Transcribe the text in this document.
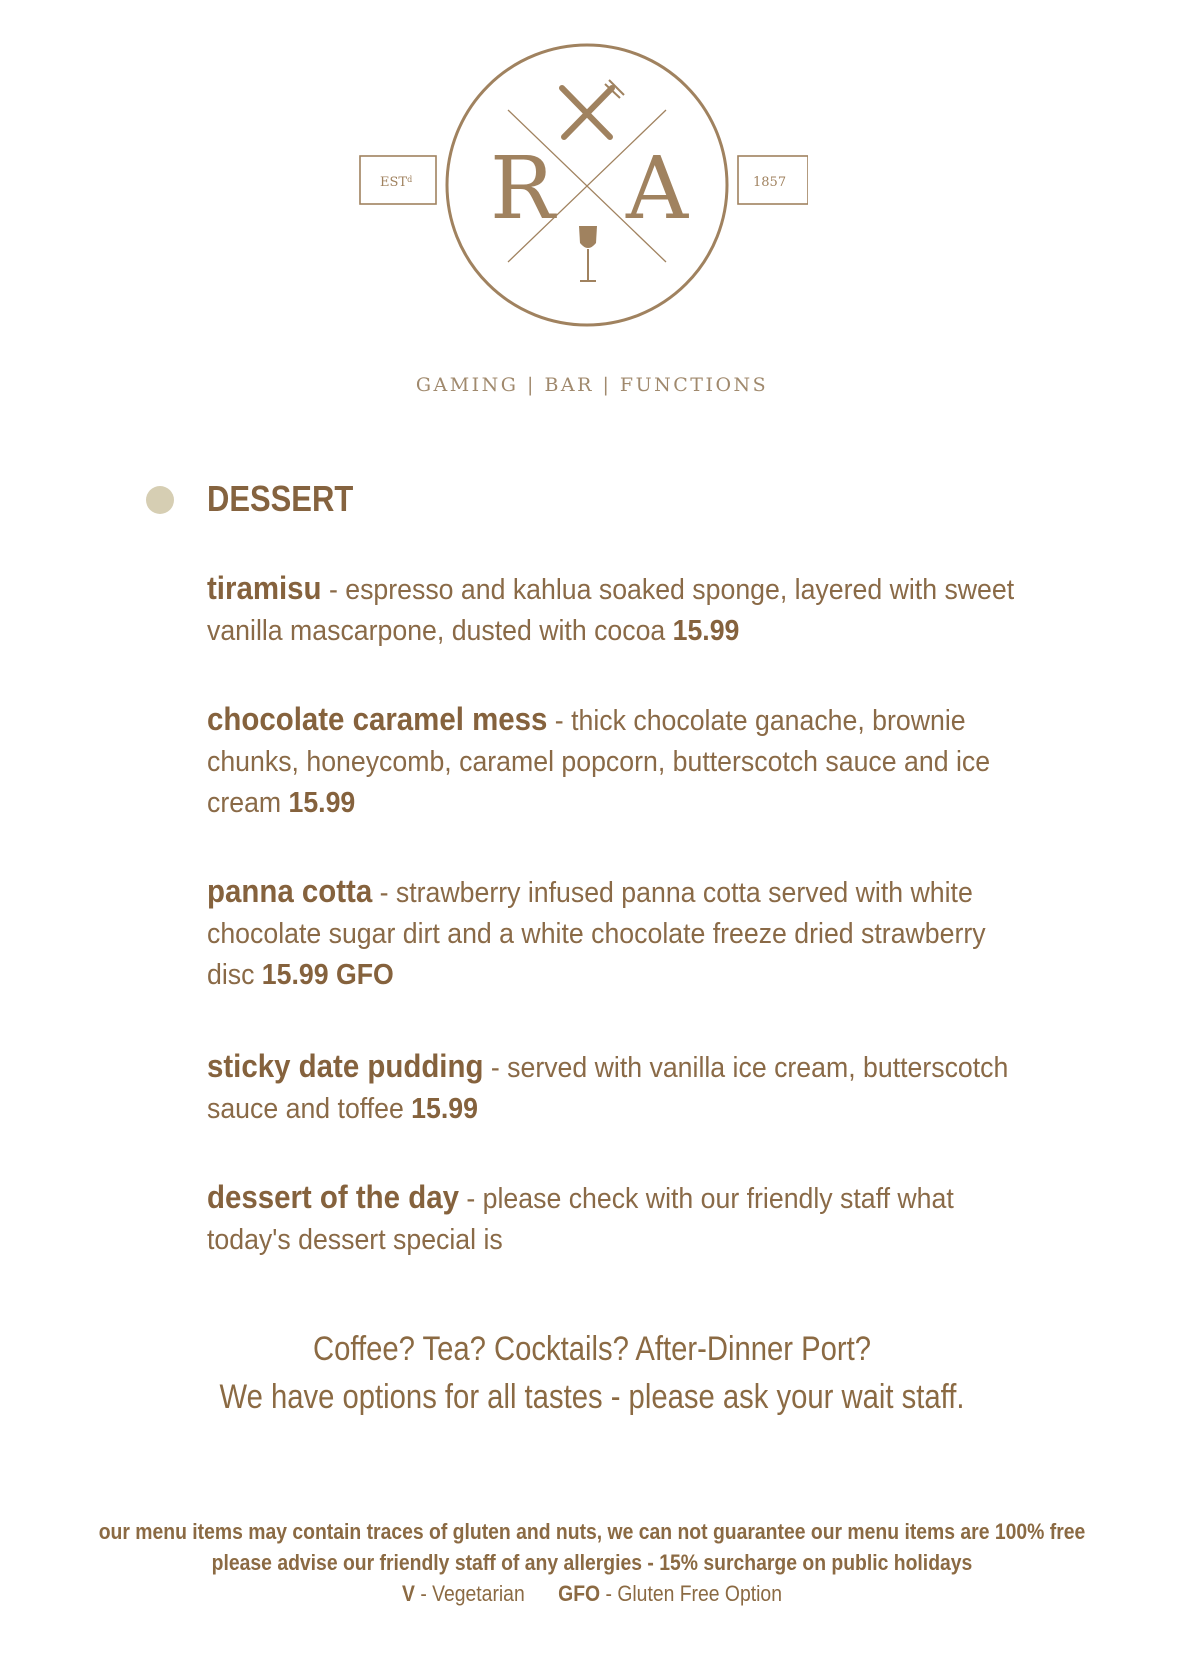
EST$^d$	1857
R A
GAMING | BAR | FUNCTIONS
DESSERT
tiramisu - espresso and kahlua soaked sponge, layered with sweet vanilla mascarpone, dusted with cocoa 15.99
chocolate caramel mess - thick chocolate ganache, brownie chunks, honeycomb, caramel popcorn, butterscotch sauce and ice cream 15.99
panna cotta - strawberry infused panna cotta served with white chocolate sugar dirt and a white chocolate freeze dried strawberry disc 15.99 GFO
sticky date pudding - served with vanilla ice cream, butterscotch sauce and toffee 15.99
dessert of the day - please check with our friendly staff what today's dessert special is
Coffee? Tea? Cocktails? After-Dinner Port?
We have options for all tastes - please ask your wait staff.
our menu items may contain traces of gluten and nuts, we can not guarantee our menu items are 100% free
please advise our friendly staff of any allergies - 15% surcharge on public holidays
V - Vegetarian GFO - Gluten Free Option
